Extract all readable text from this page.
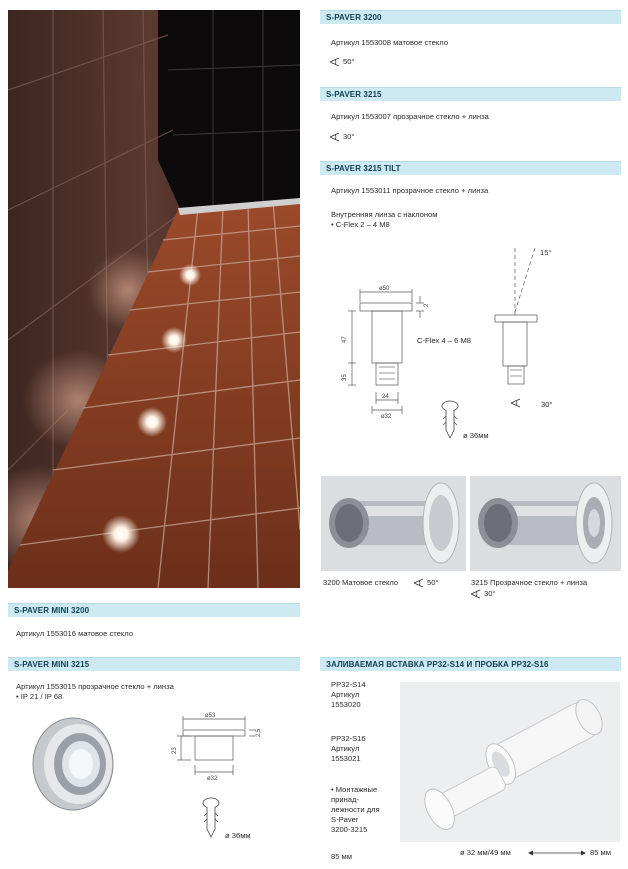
S-PAVER 3200
Артикул 1553008 матовое стекло
50°
S-PAVER 3215
Артикул 1553007 прозрачное стекло + линза
30°
S-PAVER 3215 TILT
Артикул 1553011 прозрачное стекло + линза
Внутренняя линза с наклоном
• C-Flex 2 – 4 M8
ø50
2
47
35
24
ø32
15°
C-Flex 4 – 6 M8
30°
ø 36мм
3200 Матовое стекло	50°	3215 Прозрачное стекло + линза
30°
S-PAVER MINI 3200
Артикул 1553016 матовое стекло
S-PAVER MINI 3215
Артикул 1553015 прозрачное стекло + линза
• IP 21 / IP 68
ø53
2,5
23
ø32
ø 36мм
ЗАЛИВАЕМАЯ ВСТАВКА PP32-S14 И ПРОБКА PP32-S16
PP32-S14
Артикул
1553020
PP32-S16
Артикул
1553021
• Монтажные
принад-
лежности для
S-Paver
3200-3215
85 мм	ø 32 мм/49 мм	85 мм
